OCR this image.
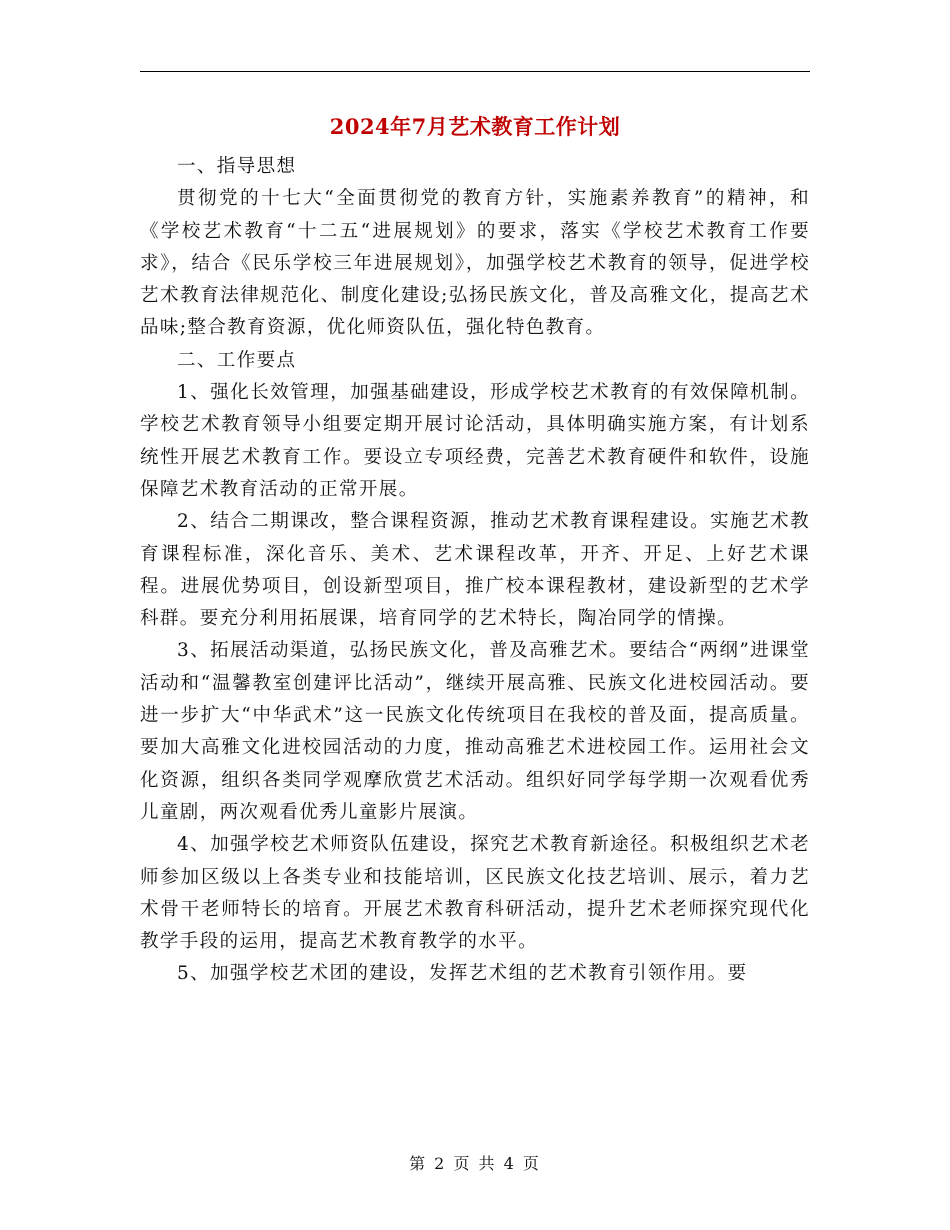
2024年7月艺术教育工作计划

一、指导思想

贯彻党的十七大“全面贯彻党的教育方针，实施素养教育”的精神，和《学校艺术教育“十二五“进展规划》的要求，落实《学校艺术教育工作要求》，结合《民乐学校三年进展规划》，加强学校艺术教育的领导，促进学校艺术教育法律规范化、制度化建设;弘扬民族文化，普及高雅文化，提高艺术品味;整合教育资源，优化师资队伍，强化特色教育。

二、工作要点

1、强化长效管理，加强基础建设，形成学校艺术教育的有效保障机制。学校艺术教育领导小组要定期开展讨论活动，具体明确实施方案，有计划系统性开展艺术教育工作。要设立专项经费，完善艺术教育硬件和软件，设施保障艺术教育活动的正常开展。

2、结合二期课改，整合课程资源，推动艺术教育课程建设。实施艺术教育课程标准，深化音乐、美术、艺术课程改革，开齐、开足、上好艺术课程。进展优势项目，创设新型项目，推广校本课程教材，建设新型的艺术学科群。要充分利用拓展课，培育同学的艺术特长，陶冶同学的情操。

3、拓展活动渠道，弘扬民族文化，普及高雅艺术。要结合“两纲”进课堂活动和“温馨教室创建评比活动”，继续开展高雅、民族文化进校园活动。要进一步扩大“中华武术”这一民族文化传统项目在我校的普及面，提高质量。要加大高雅文化进校园活动的力度，推动高雅艺术进校园工作。运用社会文化资源，组织各类同学观摩欣赏艺术活动。组织好同学每学期一次观看优秀儿童剧，两次观看优秀儿童影片展演。

4、加强学校艺术师资队伍建设，探究艺术教育新途径。积极组织艺术老师参加区级以上各类专业和技能培训，区民族文化技艺培训、展示，着力艺术骨干老师特长的培育。开展艺术教育科研活动，提升艺术老师探究现代化教学手段的运用，提高艺术教育教学的水平。

5、加强学校艺术团的建设，发挥艺术组的艺术教育引领作用。要

第 2 页 共 4 页
